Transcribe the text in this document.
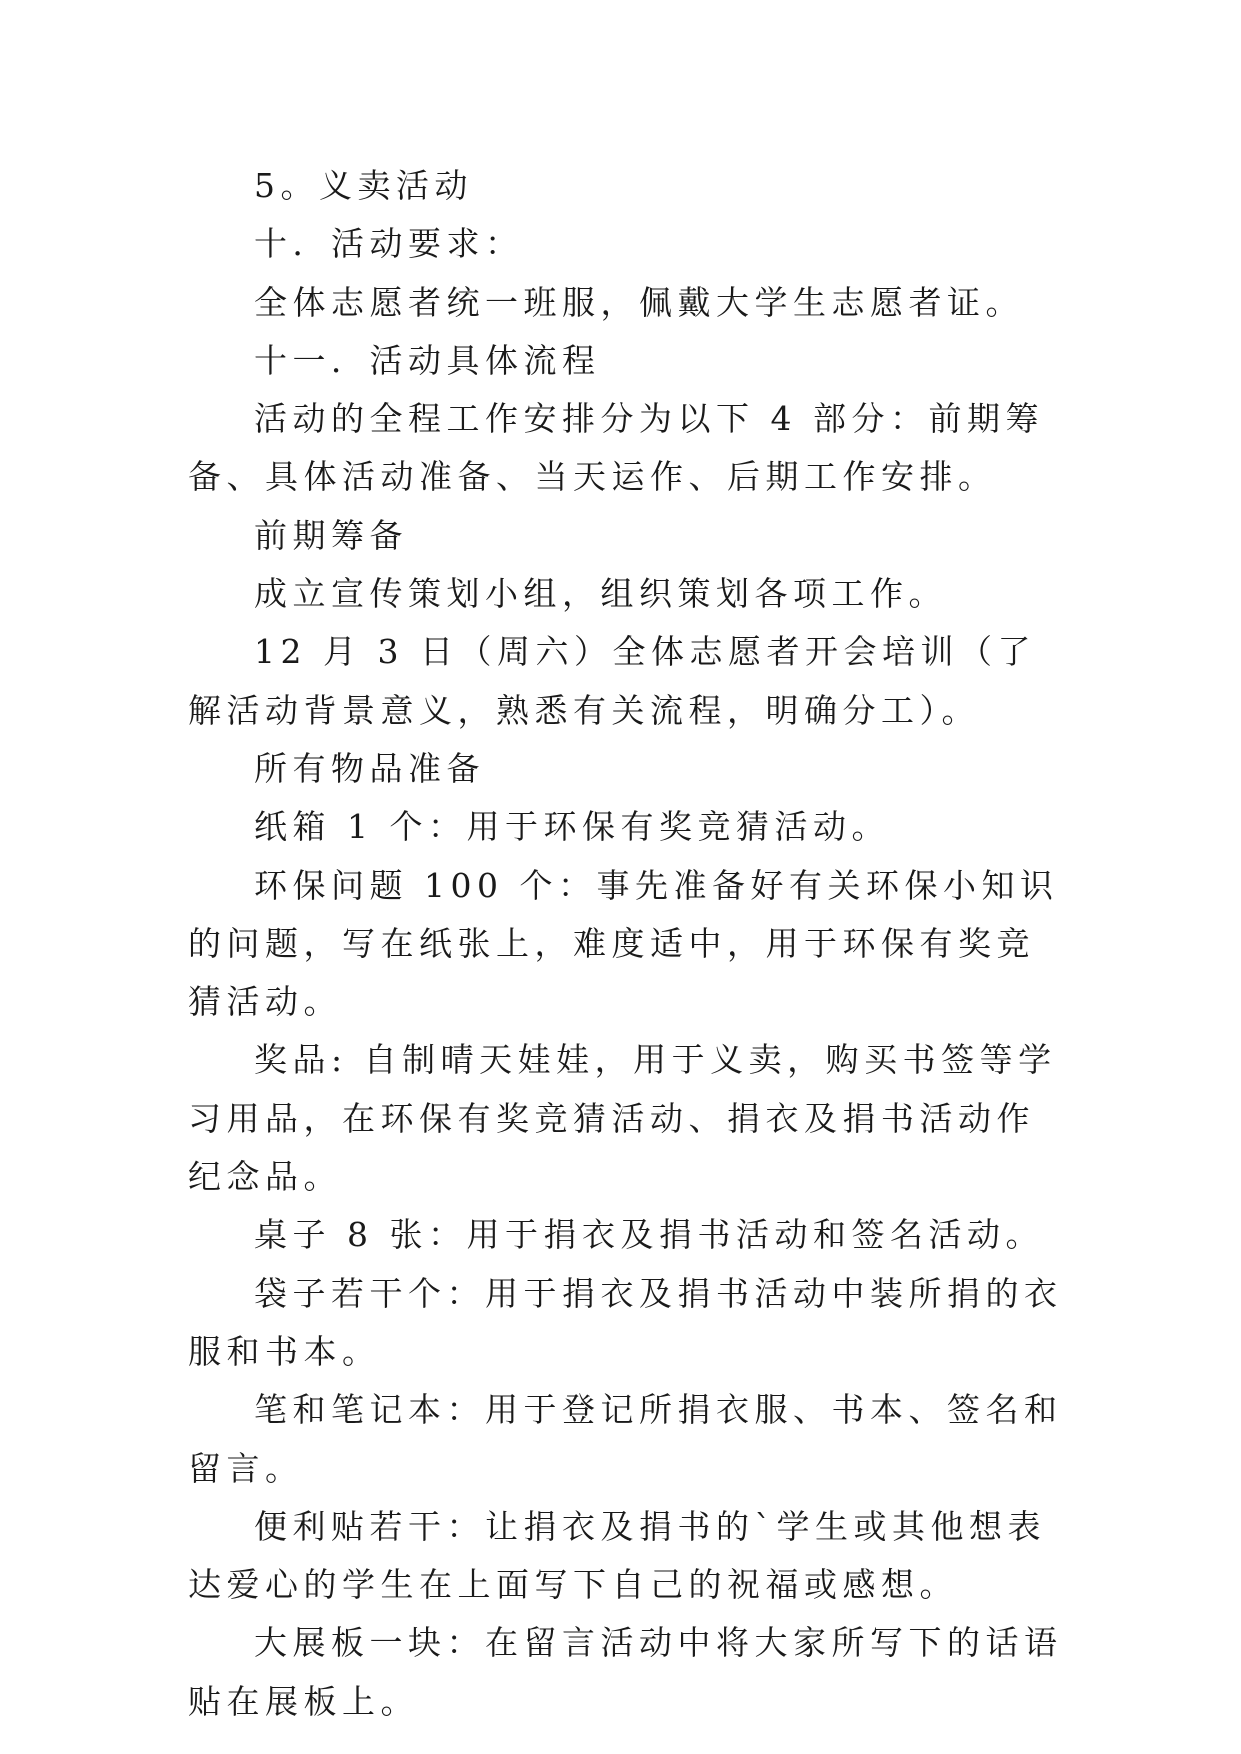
5。义卖活动

十．活动要求：

全体志愿者统一班服，佩戴大学生志愿者证。

十一．活动具体流程

活动的全程工作安排分为以下 4 部分：前期筹备、具体活动准备、当天运作、后期工作安排。

前期筹备

成立宣传策划小组，组织策划各项工作。

12 月 3 日（周六）全体志愿者开会培训（了解活动背景意义，熟悉有关流程，明确分工）。

所有物品准备

纸箱 1 个：用于环保有奖竞猜活动。

环保问题 100 个：事先准备好有关环保小知识的问题，写在纸张上，难度适中，用于环保有奖竞猜活动。

奖品: 自制晴天娃娃，用于义卖，购买书签等学习用品，在环保有奖竞猜活动、捐衣及捐书活动作纪念品。

桌子 8 张：用于捐衣及捐书活动和签名活动。

袋子若干个：用于捐衣及捐书活动中装所捐的衣服和书本。

笔和笔记本：用于登记所捐衣服、书本、签名和留言。

便利贴若干：让捐衣及捐书的`学生或其他想表达爱心的学生在上面写下自己的祝福或感想。

大展板一块：在留言活动中将大家所写下的话语贴在展板上。
